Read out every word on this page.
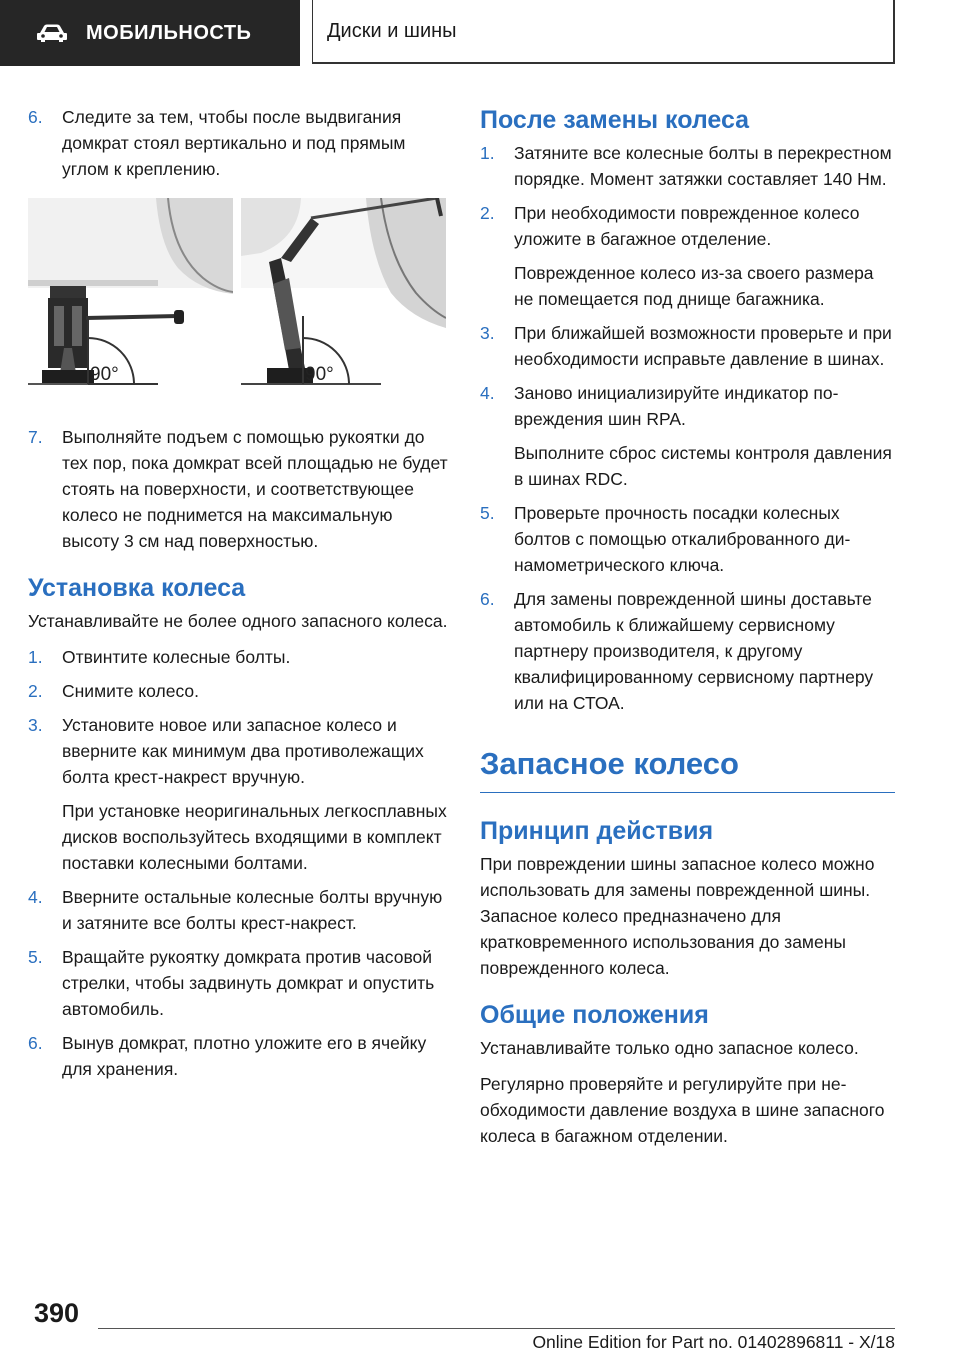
МОБИЛЬНОСТЬ	Диски и шины
6.	Следите за тем, чтобы после выдвигания домкрат стоял вертикально и под прямым углом к креплению.

90°	90°
7.	Выполняйте подъем с помощью рукоятки до тех пор, пока домкрат всей площадью не будет стоять на поверхности, и соответствующее колесо не поднимется на максимальную высоту 3 см над поверхностью.

Установка колеса

Устанавливайте не более одного запасного колеса.

1.	Отвинтите колесные болты.

2.	Снимите колесо.

3.	Установите новое или запасное колесо и вверните как минимум два противолежащих болта крест-накрест вручную.

При установке неоригинальных легкосплавных дисков воспользуйтесь входящими в комплект поставки колесными болтами.

4.	Вверните остальные колесные болты вручную и затяните все болты крест-накрест.

5.	Вращайте рукоятку домкрата против часовой стрелки, чтобы задвинуть домкрат и опустить автомобиль.

6.	Вынув домкрат, плотно уложите его в ячейку для хранения.

После замены колеса
1.	Затяните все колесные болты в перекрестном порядке. Момент затяжки составляет 140 Нм.

2.	При необходимости поврежденное колесо уложите в багажное отделение.

Поврежденное колесо из-за своего размера не помещается под днище багажника.

3.	При ближайшей возможности проверьте и при необходимости исправьте давление в шинах.

4.	Заново инициализируйте индикатор повреждения шин RPA.

Выполните сброс системы контроля давления в шинах RDC.

5.	Проверьте прочность посадки колесных болтов с помощью откалиброванного динамометрического ключа.

6.	Для замены поврежденной шины доставьте автомобиль к ближайшему сервисному партнеру производителя, к другому квалифицированному сервисному партнеру или на СТОА.

Запасное колесо
Принцип действия

При повреждении шины запасное колесо можно использовать для замены поврежденной шины. Запасное колесо предназначено для кратковременного использования до замены поврежденного колеса.

Общие положения

Устанавливайте только одно запасное колесо.

Регулярно проверяйте и регулируйте при необходимости давление воздуха в шине запасного колеса в багажном отделении.

390
Online Edition for Part no. 01402896811 - X/18
